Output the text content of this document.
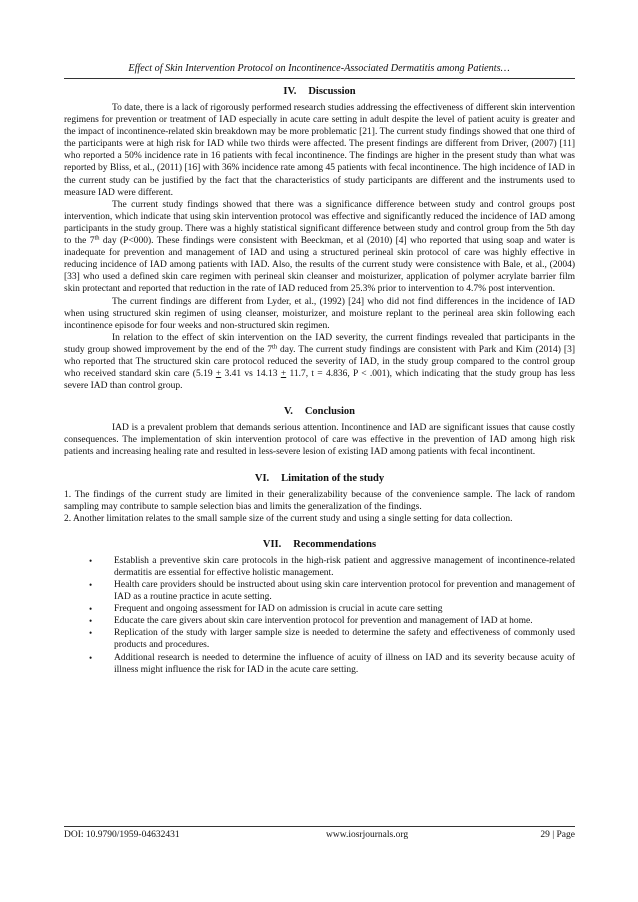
Effect of Skin Intervention Protocol on Incontinence-Associated Dermatitis among Patients…
IV. Discussion

To date, there is a lack of rigorously performed research studies addressing the effectiveness of different skin intervention regimens for prevention or treatment of IAD especially in acute care setting in adult despite the level of patient acuity is greater and the impact of incontinence-related skin breakdown may be more problematic [21]. The current study findings showed that one third of the participants were at high risk for IAD while two thirds were affected. The present findings are different from Driver, (2007) [11] who reported a 50% incidence rate in 16 patients with fecal incontinence. The findings are higher in the present study than what was reported by Bliss, et al., (2011) [16] with 36% incidence rate among 45 patients with fecal incontinence. The high incidence of IAD in the current study can be justified by the fact that the characteristics of study participants are different and the instruments used to measure IAD were different.

The current study findings showed that there was a significance difference between study and control groups post intervention, which indicate that using skin intervention protocol was effective and significantly reduced the incidence of IAD among participants in the study group. There was a highly statistical significant difference between study and control group from the 5th day to the 7th day (P<000). These findings were consistent with Beeckman, et al (2010) [4] who reported that using soap and water is inadequate for prevention and management of IAD and using a structured perineal skin protocol of care was highly effective in reducing incidence of IAD among patients with IAD. Also, the results of the current study were consistence with Bale, et al., (2004) [33] who used a defined skin care regimen with perineal skin cleanser and moisturizer, application of polymer acrylate barrier film skin protectant and reported that reduction in the rate of IAD reduced from 25.3% prior to intervention to 4.7% post intervention.

The current findings are different from Lyder, et al., (1992) [24] who did not find differences in the incidence of IAD when using structured skin regimen of using cleanser, moisturizer, and moisture replant to the perineal area skin following each incontinence episode for four weeks and non-structured skin regimen.

In relation to the effect of skin intervention on the IAD severity, the current findings revealed that participants in the study group showed improvement by the end of the 7th day. The current study findings are consistent with Park and Kim (2014) [3] who reported that The structured skin care protocol reduced the severity of IAD, in the study group compared to the control group who received standard skin care (5.19 + 3.41 vs 14.13 + 11.7, t = 4.836, P < .001), which indicating that the study group has less severe IAD than control group.

V. Conclusion

IAD is a prevalent problem that demands serious attention. Incontinence and IAD are significant issues that cause costly consequences. The implementation of skin intervention protocol of care was effective in the prevention of IAD among high risk patients and increasing healing rate and resulted in less-severe lesion of existing IAD among patients with fecal incontinent.

VI. Limitation of the study

1. The findings of the current study are limited in their generalizability because of the convenience sample. The lack of random sampling may contribute to sample selection bias and limits the generalization of the findings.

2. Another limitation relates to the small sample size of the current study and using a single setting for data collection.

VII. Recommendations
• Establish a preventive skin care protocols in the high-risk patient and aggressive management of incontinence-related dermatitis are essential for effective holistic management.
• Health care providers should be instructed about using skin care intervention protocol for prevention and management of IAD as a routine practice in acute setting.
• Frequent and ongoing assessment for IAD on admission is crucial in acute care setting
• Educate the care givers about skin care intervention protocol for prevention and management of IAD at home.
• Replication of the study with larger sample size is needed to determine the safety and effectiveness of commonly used products and procedures.
• Additional research is needed to determine the influence of acuity of illness on IAD and its severity because acuity of illness might influence the risk for IAD in the acute care setting.
DOI: 10.9790/1959-04632431	www.iosrjournals.org	29 | Page
